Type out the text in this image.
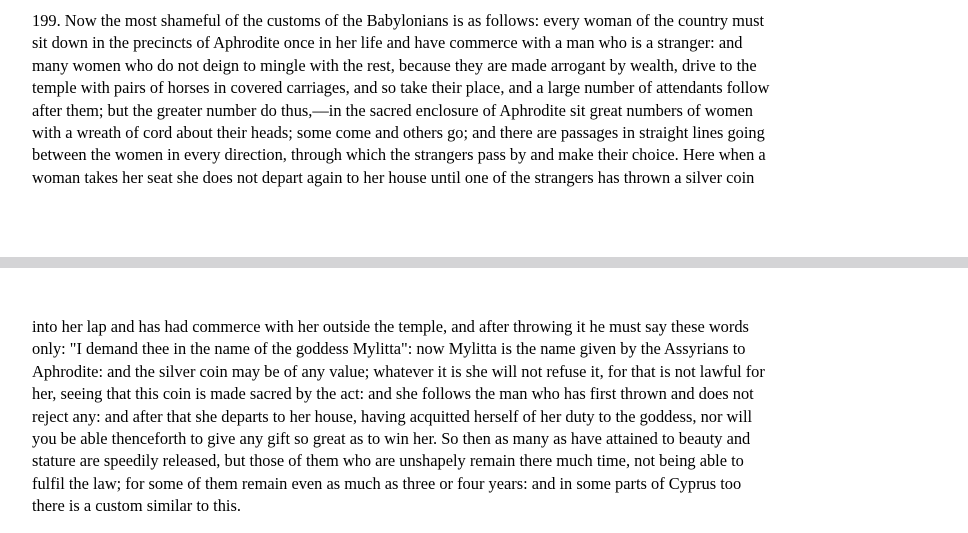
199. Now the most shameful of the customs of the Babylonians is as follows: every woman of the country must
sit down in the precincts of Aphrodite once in her life and have commerce with a man who is a stranger: and
many women who do not deign to mingle with the rest, because they are made arrogant by wealth, drive to the
temple with pairs of horses in covered carriages, and so take their place, and a large number of attendants follow
after them; but the greater number do thus,—in the sacred enclosure of Aphrodite sit great numbers of women
with a wreath of cord about their heads; some come and others go; and there are passages in straight lines going
between the women in every direction, through which the strangers pass by and make their choice. Here when a
woman takes her seat she does not depart again to her house until one of the strangers has thrown a silver coin

into her lap and has had commerce with her outside the temple, and after throwing it he must say these words
only: "I demand thee in the name of the goddess Mylitta": now Mylitta is the name given by the Assyrians to
Aphrodite: and the silver coin may be of any value; whatever it is she will not refuse it, for that is not lawful for
her, seeing that this coin is made sacred by the act: and she follows the man who has first thrown and does not
reject any: and after that she departs to her house, having acquitted herself of her duty to the goddess, nor will
you be able thenceforth to give any gift so great as to win her. So then as many as have attained to beauty and
stature are speedily released, but those of them who are unshapely remain there much time, not being able to
fulfil the law; for some of them remain even as much as three or four years: and in some parts of Cyprus too
there is a custom similar to this.
